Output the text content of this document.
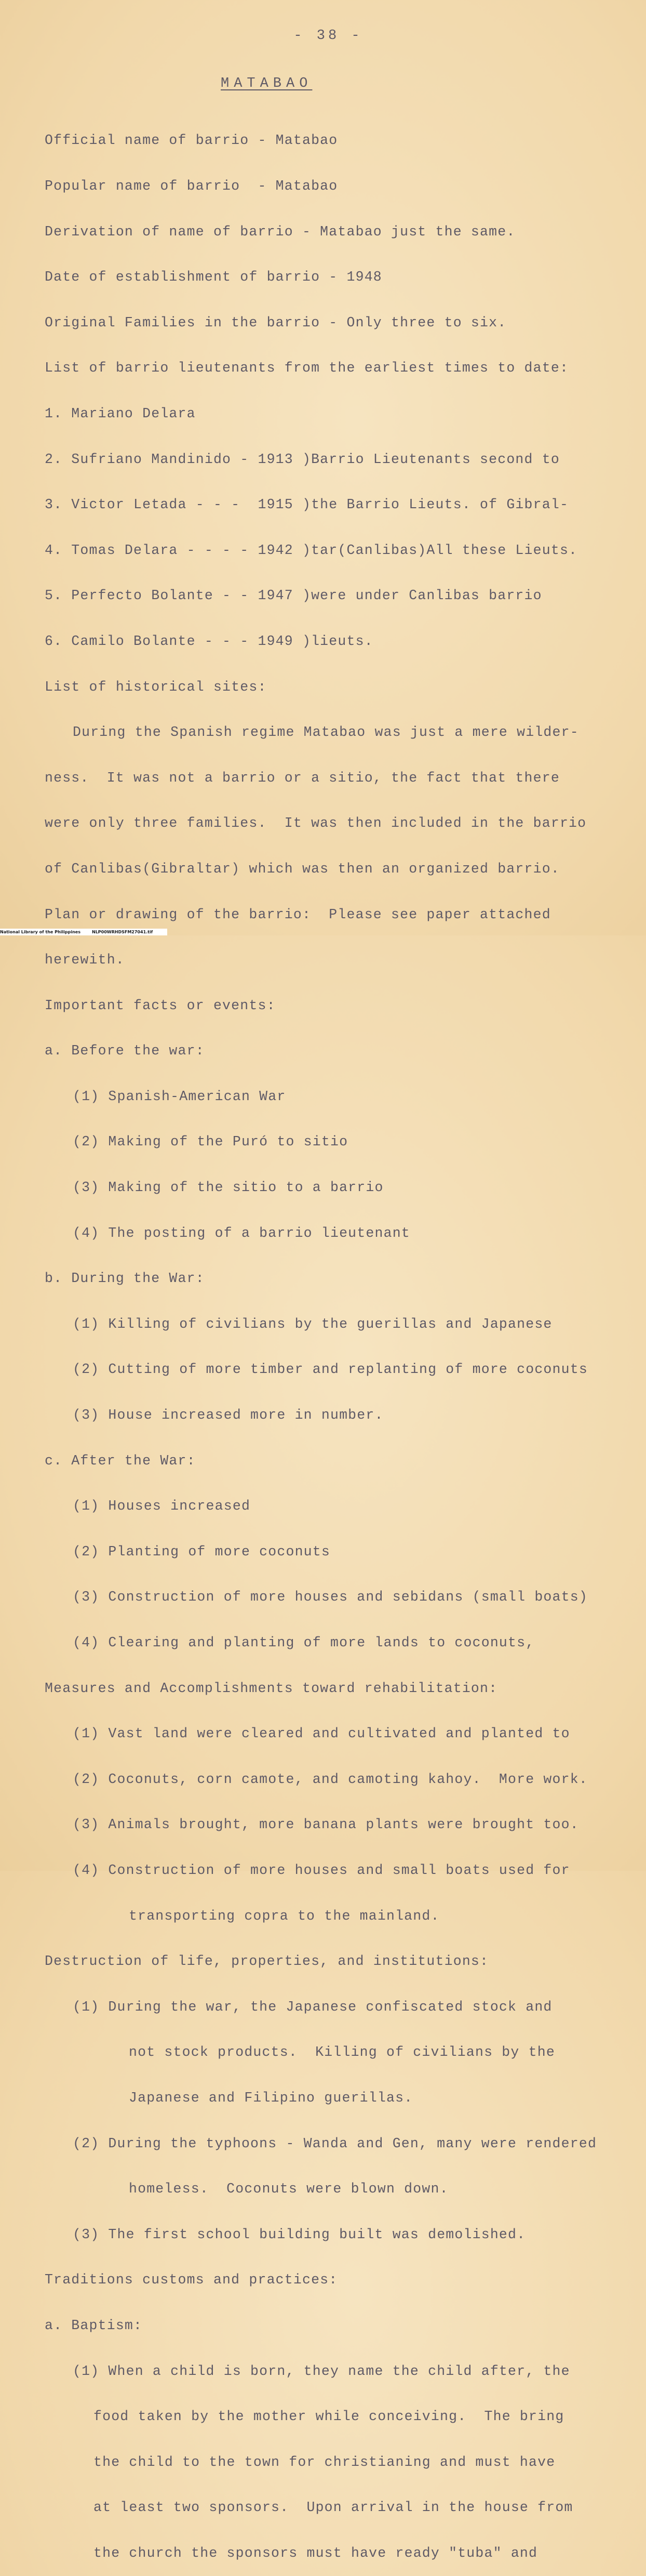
- 38 -
MATABAO

Official name of barrio - Matabao

Popular name of barrio  - Matabao

Derivation of name of barrio - Matabao just the same.

Date of establishment of barrio - 1948

Original Families in the barrio - Only three to six.

List of barrio lieutenants from the earliest times to date:

1. Mariano Delara

2. Sufriano Mandinido - 1913 )Barrio Lieutenants second to

3. Victor Letada - - -  1915 )the Barrio Lieuts. of Gibral-

4. Tomas Delara - - - - 1942 )tar(Canlibas)All these Lieuts.

5. Perfecto Bolante - - 1947 )were under Canlibas barrio

6. Camilo Bolante - - - 1949 )lieuts.

List of historical sites:

During the Spanish regime Matabao was just a mere wilder-

ness.  It was not a barrio or a sitio, the fact that there

were only three families.  It was then included in the barrio

of Canlibas(Gibraltar) which was then an organized barrio.

Plan or drawing of the barrio:  Please see paper attached

herewith.

Important facts or events:

a. Before the war:

(1) Spanish-American War

(2) Making of the Puró to sitio

(3) Making of the sitio to a barrio

(4) The posting of a barrio lieutenant

b. During the War:

(1) Killing of civilians by the guerillas and Japanese

(2) Cutting of more timber and replanting of more coconuts

(3) House increased more in number.

c. After the War:

(1) Houses increased

(2) Planting of more coconuts

(3) Construction of more houses and sebidans (small boats)

(4) Clearing and planting of more lands to coconuts,

Measures and Accomplishments toward rehabilitation:

(1) Vast land were cleared and cultivated and planted to

(2) Coconuts, corn camote, and camoting kahoy.  More work.

(3) Animals brought, more banana plants were brought too.

(4) Construction of more houses and small boats used for

transporting copra to the mainland.

Destruction of life, properties, and institutions:

(1) During the war, the Japanese confiscated stock and

not stock products.  Killing of civilians by the

Japanese and Filipino guerillas.

(2) During the typhoons - Wanda and Gen, many were rendered

homeless.  Coconuts were blown down.

(3) The first school building built was demolished.

Traditions customs and practices:

a. Baptism:

(1) When a child is born, they name the child after, the

food taken by the mother while conceiving.  The bring

the child to the town for christianing and must have

at least two sponsors.  Upon arrival in the house from

the church the sponsors must have ready "tuba" and

National Library of the Philippines	NLP00WRHDSFM27041.tif
